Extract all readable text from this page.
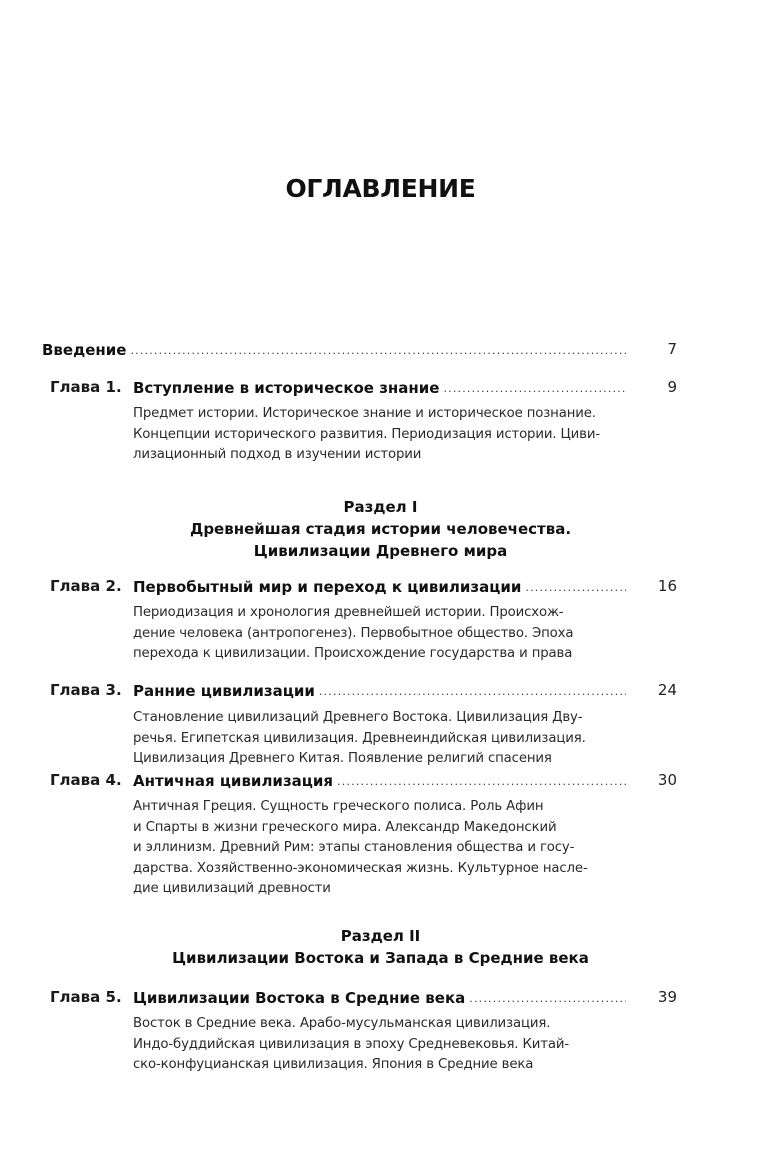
ОГЛАВЛЕНИЕ
Введение .....	7
Глава 1. Вступление в историческое знание .....	9
Предмет истории. Историческое знание и историческое познание.
Концепции исторического развития. Периодизация истории. Циви-
лизационный подход в изучении истории
Раздел I
Древнейшая стадия истории человечества.
Цивилизации Древнего мира
Глава 2. Первобытный мир и переход к цивилизации .....	16
Периодизация и хронология древнейшей истории. Происхож-
дение человека (антропогенез). Первобытное общество. Эпоха
перехода к цивилизации. Происхождение государства и права
Глава 3. Ранние цивилизации .....	24
Становление цивилизаций Древнего Востока. Цивилизация Дву-
речья. Египетская цивилизация. Древнеиндийская цивилизация.
Цивилизация Древнего Китая. Появление религий спасения
Глава 4. Античная цивилизация .....	30
Античная Греция. Сущность греческого полиса. Роль Афин
и Спарты в жизни греческого мира. Александр Македонский
и эллинизм. Древний Рим: этапы становления общества и госу-
дарства. Хозяйственно-экономическая жизнь. Культурное насле-
дие цивилизаций древности
Раздел II
Цивилизации Востока и Запада в Средние века
Глава 5. Цивилизации Востока в Средние века .....	39
Восток в Средние века. Арабо-мусульманская цивилизация.
Индо-буддийская цивилизация в эпоху Средневековья. Китай-
ско-конфуцианская цивилизация. Япония в Средние века
